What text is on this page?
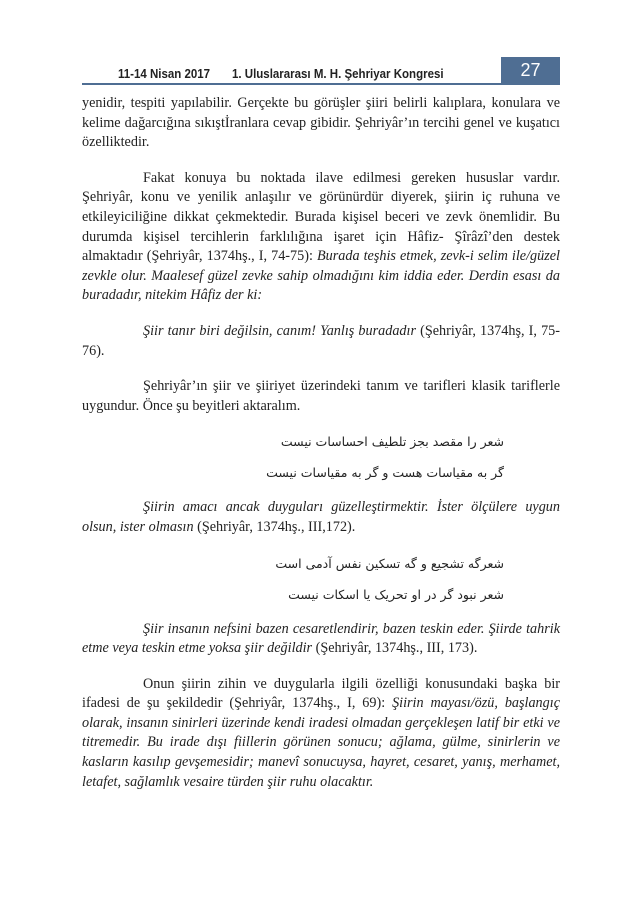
11-14 Nisan 2017 1. Uluslararası M. H. Şehriyar Kongresi	27

yenidir, tespiti yapılabilir. Gerçekte bu görüşler şiiri belirli kalıplara, konulara ve kelime dağarcığına sıkıştİranlara cevap gibidir. Şehriyâr’ın tercihi genel ve kuşatıcı özelliktedir.

Fakat konuya bu noktada ilave edilmesi gereken hususlar vardır. Şehriyâr, konu ve yenilik anlaşılır ve görünürdür diyerek, şiirin iç ruhuna ve etkileyiciliğine dikkat çekmektedir. Burada kişisel beceri ve zevk önemlidir. Bu durumda kişisel tercihlerin farklılığına işaret için Hâfiz- Şîrâzî’den destek almaktadır (Şehriyâr, 1374hş., I, 74-75): Burada teşhis etmek, zevk-i selim ile/güzel zevkle olur. Maalesef güzel zevke sahip olmadığını kim iddia eder. Derdin esası da buradadır, nitekim Hâfiz der ki:

Şiir tanır biri değilsin, canım! Yanlış buradadır (Şehriyâr, 1374hş, I, 75-76).

Şehriyâr’ın şiir ve şiiriyet üzerindeki tanım ve tarifleri klasik tariflerle uygundur. Önce şu beyitleri aktaralım.

شعر را مقصد بجز تلطیف احساسات نیست

گر به مقیاسات هست و گر به مقیاسات نیست

Şiirin amacı ancak duyguları güzelleştirmektir. İster ölçülere uygun olsun, ister olmasın (Şehriyâr, 1374hş., III,172).

شعرگه تشجیع و گه تسکین نفس آدمی است

شعر نبود گر در او تحریک یا اسکات نیست

Şiir insanın nefsini bazen cesaretlendirir, bazen teskin eder. Şiirde tahrik etme veya teskin etme yoksa şiir değildir (Şehriyâr, 1374hş., III, 173).

Onun şiirin zihin ve duygularla ilgili özelliği konusundaki başka bir ifadesi de şu şekildedir (Şehriyâr, 1374hş., I, 69): Şiirin mayası/özü, başlangıç olarak, insanın sinirleri üzerinde kendi iradesi olmadan gerçekleşen latif bir etki ve titremedir. Bu irade dışı fiillerin görünen sonucu; ağlama, gülme, sinirlerin ve kasların kasılıp gevşemesidir; manevî sonucuysa, hayret, cesaret, yanış, merhamet, letafet, sağlamlık vesaire türden şiir ruhu olacaktır.
